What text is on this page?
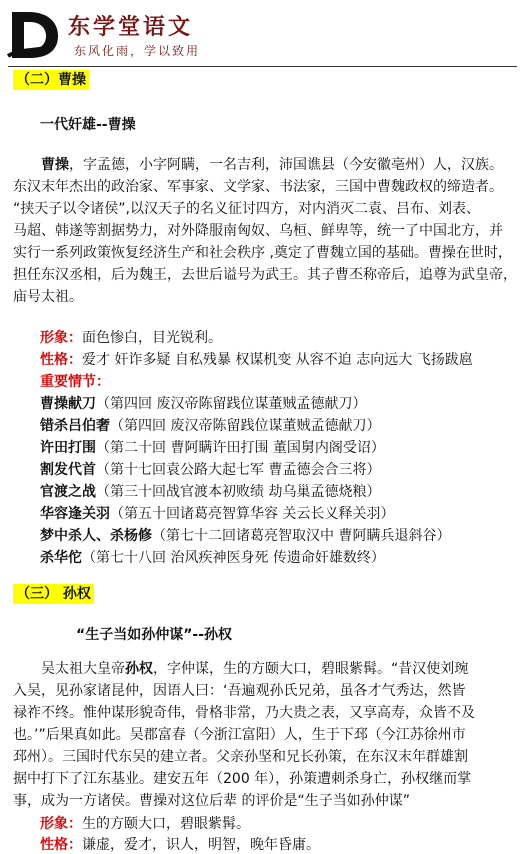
东学堂语文
东风化雨，学以致用
（二）曹操
一代奸雄--曹操

曹操，字孟德，小字阿瞒，一名吉利，沛国谯县（今安徽亳州）人，汉族。

东汉末年杰出的政治家、军事家、文学家、书法家，三国中曹魏政权的缔造者。

“挟天子以令诸侯”,以汉天子的名义征讨四方，对内消灭二袁、吕布、刘表、

马超、韩遂等割据势力，对外降服南匈奴、乌桓、鲜卑等，统一了中国北方，并

实行一系列政策恢复经济生产和社会秩序 ,奠定了曹魏立国的基础。曹操在世时，

担任东汉丞相，后为魏王，去世后谥号为武王。其子曹丕称帝后，追尊为武皇帝，

庙号太祖。

形象：面色惨白，目光锐利。
性格：爱才 奸诈多疑 自私残暴 权谋机变 从容不迫 志向远大 飞扬跋扈
重要情节：
曹操献刀（第四回 废汉帝陈留践位谋董贼孟德献刀）
错杀吕伯奢（第四回 废汉帝陈留践位谋董贼孟德献刀）
许田打围（第二十回 曹阿瞒许田打围 董国舅内阁受诏）
割发代首（第十七回袁公路大起七军 曹孟德会合三将）
官渡之战（第三十回战官渡本初败绩 劫乌巢孟德烧粮）
华容逢关羽（第五十回诸葛亮智算华容 关云长义释关羽）
梦中杀人、杀杨修（第七十二回诸葛亮智取汉中 曹阿瞒兵退斜谷）
杀华佗（第七十八回 治风疾神医身死 传遗命奸雄数终）
（三） 孙权
“生子当如孙仲谋”--孙权

吴太祖大皇帝孙权，字仲谋，生的方颐大口，碧眼紫髯。“昔汉使刘琬

入吴，见孙家诸昆仲，因语人曰：‘吾遍观孙氏兄弟，虽各才气秀达，然皆

禄祚不终。惟仲谋形貌奇伟，骨格非常，乃大贵之表，又享高寿，众皆不及

也。’”后果真如此。吴郡富春（今浙江富阳）人，生于下邳（今江苏徐州市

邳州）。三国时代东吴的建立者。父亲孙坚和兄长孙策，在东汉末年群雄割

据中打下了江东基业。建安五年（200 年），孙策遭刺杀身亡，孙权继而掌

事，成为一方诸侯。曹操对这位后辈 的评价是“生子当如孙仲谋”

形象：生的方颐大口，碧眼紫髯。
性格：谦虚，爱才，识人，明智，晚年昏庸。
